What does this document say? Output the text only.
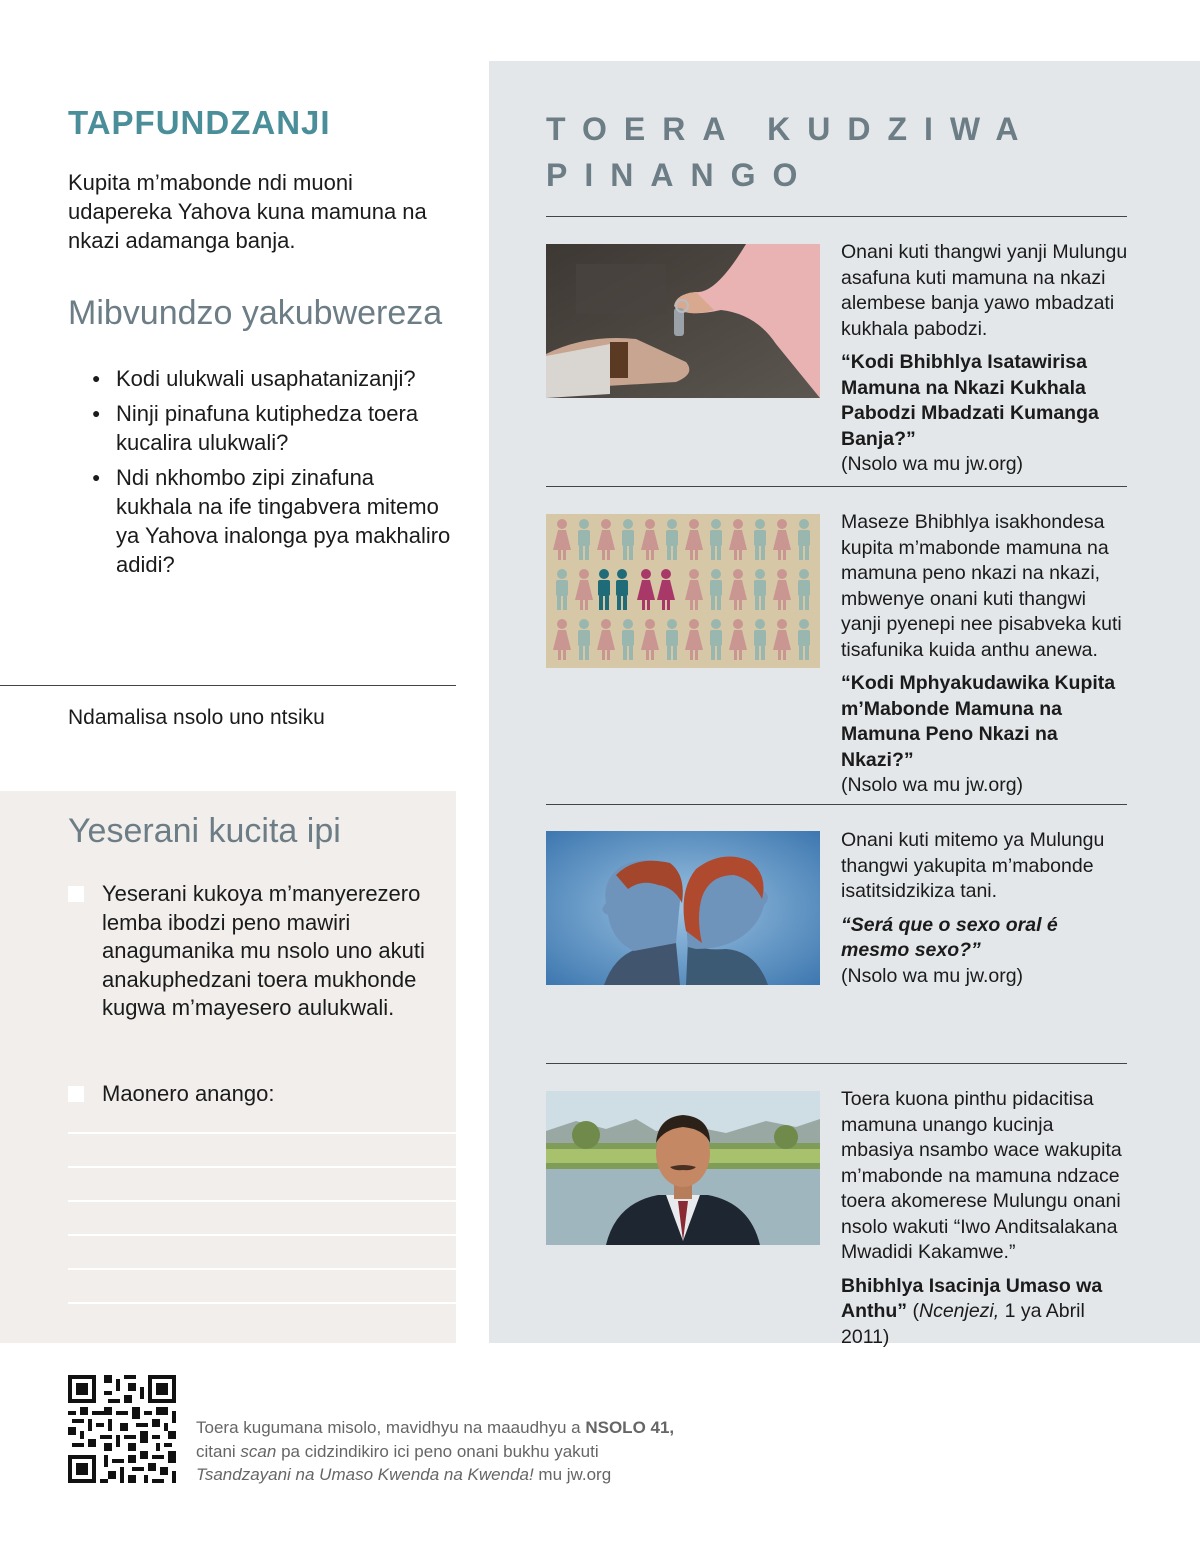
TAPFUNDZANJI
Kupita m’mabonde ndi muoni udapereka Yahova kuna mamuna na nkazi adamanga banja.
Mibvundzo yakubwereza
● Kodi ulukwali usaphatanizanji?
● Ninji pinafuna kutiphedza toera kucalira ulukwali?
● Ndi nkhombo zipi zinafuna kukhala na ife tingabvera mitemo ya Yahova inalonga pya makhaliro adidi?
Ndamalisa nsolo uno ntsiku
Yeserani kucita ipi
Yeserani kukoya m’manyerezero lemba ibodzi peno mawiri anagumanika mu nsolo uno akuti anakuphedzani toera mukhonde kugwa m’mayesero aulukwali.
Maonero anango:
TOERA KUDZIWA PINANGO

Onani kuti thangwi yanji Mulungu asafuna kuti mamuna na nkazi alembese banja yawo mbadzati kukhala pabodzi.

“Kodi Bhibhlya Isatawirisa Mamuna na Nkazi Kukhala Pabodzi Mbadzati Kumanga Banja?”

(Nsolo wa mu jw.org)

Maseze Bhibhlya isakhondesa kupita m’mabonde mamuna na mamuna peno nkazi na nkazi, mbwenye onani kuti thangwi yanji pyenepi nee pisabveka kuti tisafunika kuida anthu anewa.

“Kodi Mphyakudawika Kupita m’Mabonde Mamuna na Mamuna Peno Nkazi na Nkazi?”

(Nsolo wa mu jw.org)

Onani kuti mitemo ya Mulungu thangwi yakupita m’mabonde isatitsidzikiza tani.

“Será que o sexo oral é mesmo sexo?”

(Nsolo wa mu jw.org)

Toera kuona pinthu pidacitisa mamuna unango kucinja mbasiya nsambo wace wakupita m’mabonde na mamuna ndzace toera akomerese Mulungu onani nsolo wakuti “Iwo Anditsalakana Mwadidi Kakamwe.”

Bhibhlya Isacinja Umaso wa Anthu” (Ncenjezi, 1 ya Abril 2011)

Toera kugumana misolo, mavidhyu na maaudhyu a NSOLO 41,
citani scan pa cidzindikiro ici peno onani bukhu yakuti
Tsandzayani na Umaso Kwenda na Kwenda! mu jw.org
